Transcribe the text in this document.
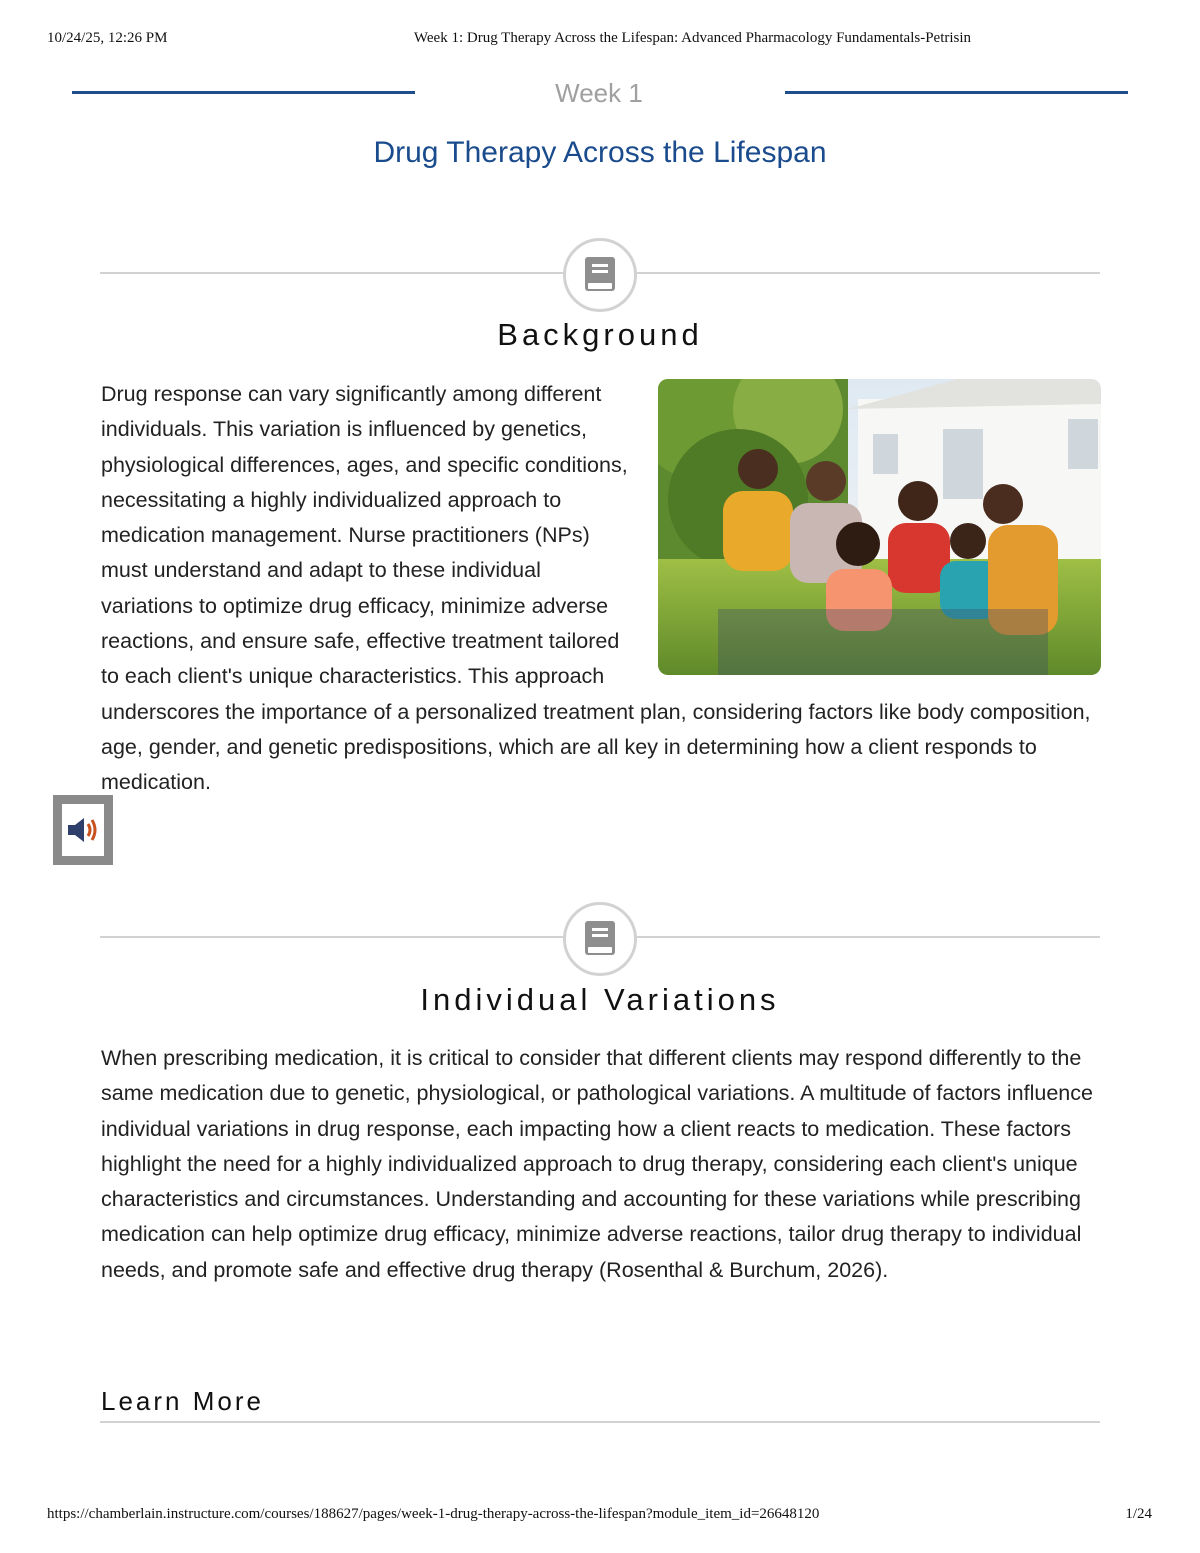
10/24/25, 12:26 PM	Week 1: Drug Therapy Across the Lifespan: Advanced Pharmacology Fundamentals-Petrisin
Week 1
Drug Therapy Across the Lifespan
Background
Drug response can vary significantly among different individuals. This variation is influenced by genetics, physiological differences, ages, and specific conditions, necessitating a highly individualized approach to medication management. Nurse practitioners (NPs) must understand and adapt to these individual variations to optimize drug efficacy, minimize adverse reactions, and ensure safe, effective treatment tailored to each client's unique characteristics. This approach underscores the importance of a personalized treatment plan, considering factors like body composition, age, gender, and genetic predispositions, which are all key in determining how a client responds to medication.
Individual Variations
When prescribing medication, it is critical to consider that different clients may respond differently to the same medication due to genetic, physiological, or pathological variations. A multitude of factors influence individual variations in drug response, each impacting how a client reacts to medication. These factors highlight the need for a highly individualized approach to drug therapy, considering each client's unique characteristics and circumstances. Understanding and accounting for these variations while prescribing medication can help optimize drug efficacy, minimize adverse reactions, tailor drug therapy to individual needs, and promote safe and effective drug therapy (Rosenthal & Burchum, 2026).
Learn More
https://chamberlain.instructure.com/courses/188627/pages/week-1-drug-therapy-across-the-lifespan?module_item_id=26648120	1/24
